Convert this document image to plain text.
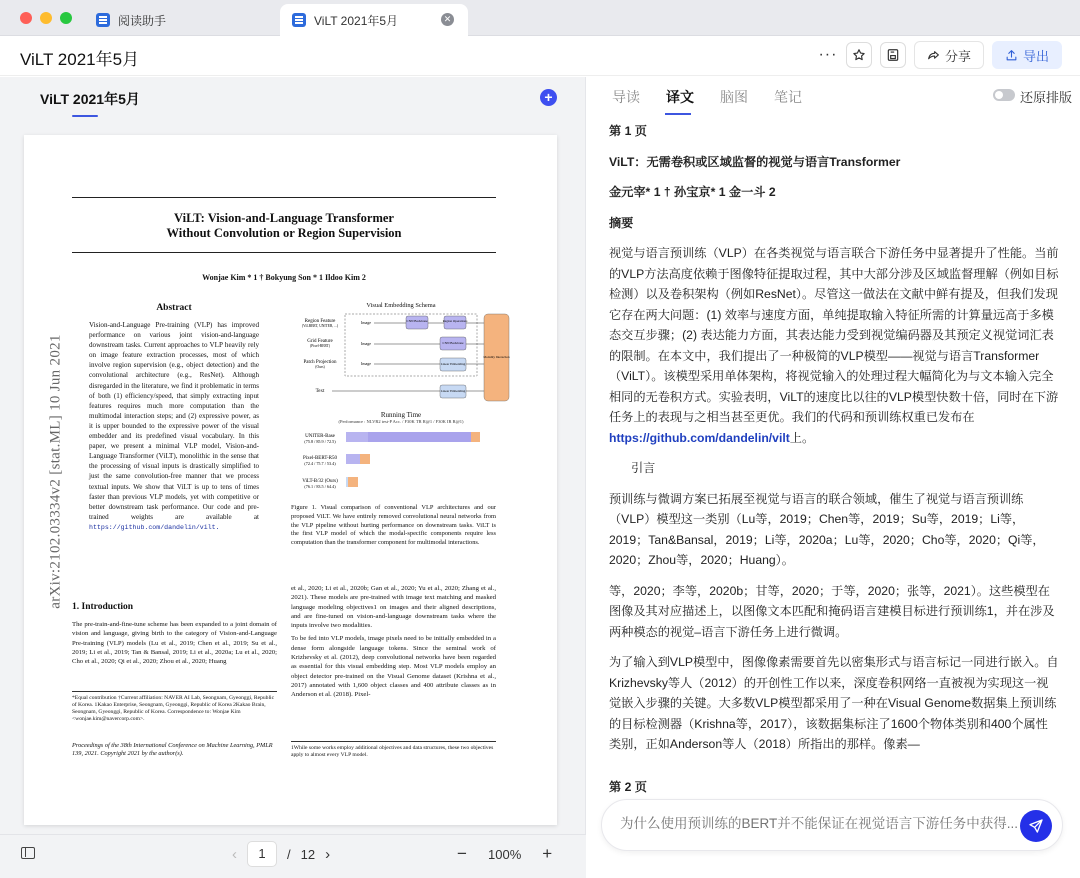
阅读助手	ViLT 2021年5月	✕
ViLT 2021年5月	···	分享	导出
ViLT 2021年5月	+
ViLT: Vision-and-Language Transformer
Without Convolution or Region Supervision
Wonjae Kim * 1 † Bokyung Son * 1 Ildoo Kim 2
arXiv:2102.03334v2 [stat.ML] 10 Jun 2021
Abstract
Vision-and-Language Pre-training (VLP) has improved performance on various joint vision-and-language downstream tasks. Current approaches to VLP heavily rely on image feature extraction processes, most of which involve region supervision (e.g., object detection) and the convolutional architecture (e.g., ResNet). Although disregarded in the literature, we find it problematic in terms of both (1) efficiency/speed, that simply extracting input features requires much more computation than the multimodal interaction steps; and (2) expressive power, as it is upper bounded to the expressive power of the visual embedder and its predefined visual vocabulary. In this paper, we present a minimal VLP model, Vision-and-Language Transformer (ViLT), monolithic in the sense that the processing of visual inputs is drastically simplified to just the same convolution-free manner that we process textual inputs. We show that ViLT is up to tens of times faster than previous VLP models, yet with competitive or better downstream task performance. Our code and pre-trained weights are available at https://github.com/dandelin/vilt.
Visual Embedding Schema
Region Feature
(ViLBERT, UNITER, ...)
Grid Feature
(Pixel-BERT)
Patch Projection
(Ours)
Text
Image
Image
Image
CNN Backbone	Region Operations
CNN Backbone
Linear Embedding
Linear Embedding
Modality Interaction
Running Time
(Performance : NLVR2 test-P Acc. / F30K TR R@1 / F30K IR R@1)
UNITER-Base
(75.8 / 85.9 / 72.5)
Pixel-BERT-R50
(72.4 / 75.7 / 53.4)
ViLT-B/32 (Ours)
(76.1 / 83.5 / 64.4)
Figure 1. Visual comparison of conventional VLP architectures and our proposed ViLT. We have entirely removed convolutional neural networks from the VLP pipeline without hurting performance on downstream tasks. ViLT is the first VLP model of which the modal-specific components require less computation than the transformer component for multimodal interactions.
1. Introduction
The pre-train-and-fine-tune scheme has been expanded to a joint domain of vision and language, giving birth to the category of Vision-and-Language Pre-training (VLP) models (Lu et al., 2019; Chen et al., 2019; Su et al., 2019; Li et al., 2019; Tan & Bansal, 2019; Li et al., 2020a; Lu et al., 2020; Cho et al., 2020; Qi et al., 2020; Zhou et al., 2020; Huang
*Equal contribution †Current affiliation: NAVER AI Lab, Seongnam, Gyeonggi, Republic of Korea. 1Kakao Enterprise, Seongnam, Gyeonggi, Republic of Korea 2Kakao Brain, Seongnam, Gyeonggi, Republic of Korea. Correspondence to: Wonjae Kim <wonjae.kim@navercorp.com>.
Proceedings of the 38th International Conference on Machine Learning, PMLR 139, 2021. Copyright 2021 by the author(s).
et al., 2020; Li et al., 2020b; Gan et al., 2020; Yu et al., 2020; Zhang et al., 2021). These models are pre-trained with image text matching and masked language modeling objectives1 on images and their aligned descriptions, and are fine-tuned on vision-and-language downstream tasks where the inputs involve two modalities.
To be fed into VLP models, image pixels need to be initially embedded in a dense form alongside language tokens. Since the seminal work of Krizhevsky et al. (2012), deep convolutional networks have been regarded as essential for this visual embedding step. Most VLP models employ an object detector pre-trained on the Visual Genome dataset (Krishna et al., 2017) annotated with 1,600 object classes and 400 attribute classes as in Anderson et al. (2018). Pixel-
1While some works employ additional objectives and data structures, these two objectives apply to almost every VLP model.
‹	1	/ 12 ›	− 100% +
导读 译文 脑图 笔记	还原排版

第 1 页

ViLT：无需卷积或区域监督的视觉与语言Transformer

金元宰* 1 † 孙宝京* 1 金一斗 2

摘要

视觉与语言预训练（VLP）在各类视觉与语言联合下游任务中显著提升了性能。当前的VLP方法高度依赖于图像特征提取过程，其中大部分涉及区域监督理解（例如目标检测）以及卷积架构（例如ResNet）。尽管这一做法在文献中鲜有提及，但我们发现它存在两大问题：(1) 效率与速度方面，单纯提取输入特征所需的计算量远高于多模态交互步骤；(2) 表达能力方面，其表达能力受到视觉编码器及其预定义视觉词汇表的限制。在本文中，我们提出了一种极简的VLP模型——视觉与语言Transformer（ViLT）。该模型采用单体架构，将视觉输入的处理过程大幅简化为与文本输入完全相同的无卷积方式。实验表明，ViLT的速度比以往的VLP模型快数十倍，同时在下游任务上的表现与之相当甚至更优。我们的代码和预训练权重已发布在https://github.com/dandelin/vilt上。

引言

预训练与微调方案已拓展至视觉与语言的联合领域，催生了视觉与语言预训练（VLP）模型这一类别（Lu等，2019；Chen等，2019；Su等，2019；Li等，2019；Tan&Bansal，2019；Li等，2020a；Lu等，2020；Cho等，2020；Qi等，2020；Zhou等，2020；Huang）。

等，2020；李等，2020b；甘等，2020；于等，2020；张等，2021）。这些模型在图像及其对应描述上，以图像文本匹配和掩码语言建模目标进行预训练1，并在涉及两种模态的视觉–语言下游任务上进行微调。

为了输入到VLP模型中，图像像素需要首先以密集形式与语言标记一同进行嵌入。自Krizhevsky等人（2012）的开创性工作以来，深度卷积网络一直被视为实现这一视觉嵌入步骤的关键。大多数VLP模型都采用了一种在Visual Genome数据集上预训练的目标检测器（Krishna等，2017），该数据集标注了1600个物体类别和400个属性类别，正如Anderson等人（2018）所指出的那样。像素—

第 2 页
为什么使用预训练的BERT并不能保证在视觉语言下游任务中获得...
